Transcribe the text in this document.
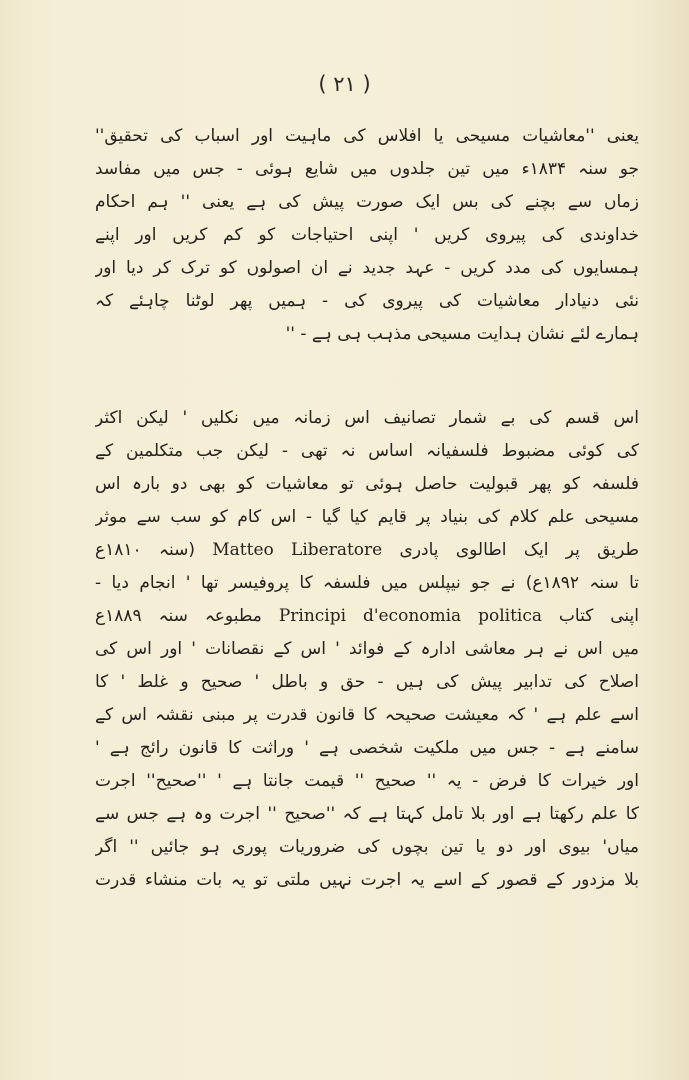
( ۲۱ )
یعنی ''معاشیات مسیحی یا افلاس کی ماہیت اور اسباب کی تحقیق''
جو سنہ ۱۸۳۴ء میں تین جلدوں میں شایع ہوئی - جس میں مفاسد
زماں سے بچنے کی بس ایک صورت پیش کی ہے یعنی '' ہم احکام
خداوندی کی پیروی کریں ' اپنی احتیاجات کو کم کریں اور اپنے
ہمسایوں کی مدد کریں - عہد جدید نے ان اصولوں کو ترک کر دیا اور
نئی دنیادار معاشیات کی پیروی کی - ہمیں پھر لوٹنا چاہئے کہ
ہمارے لئے نشان ہدایت مسیحی مذہب ہی ہے - ''
اس قسم کی بے شمار تصانیف اس زمانہ میں نکلیں ' لیکن اکثر
کی کوئی مضبوط فلسفیانہ اساس نہ تھی - لیکن جب متکلمین کے
فلسفہ کو پھر قبولیت حاصل ہوئی تو معاشیات کو بھی دو بارہ اس
مسیحی علم کلام کی بنیاد پر قایم کیا گیا - اس کام کو سب سے موثر
طریق پر ایک اطالوی پادری Matteo Liberatore (سنہ ۱۸۱۰ع
تا سنہ ۱۸۹۲ع) نے جو نیپلس میں فلسفہ کا پروفیسر تھا ' انجام دیا -
اپنی کتاب Principi d'economia politica مطبوعہ سنہ ۱۸۸۹ع
میں اس نے ہر معاشی ادارہ کے فوائد ' اس کے نقصانات ' اور اس کی
اصلاح کی تدابیر پیش کی ہیں - حق و باطل ' صحیح و غلط ' کا
اسے علم ہے ' کہ معیشت صحیحہ کا قانون قدرت پر مبنی نقشہ اس کے
سامنے ہے - جس میں ملکیت شخصی ہے ' وراثت کا قانون رائج ہے '
اور خیرات کا فرض - یہ '' صحیح '' قیمت جانتا ہے ' ''صحیح'' اجرت
کا علم رکھتا ہے اور بلا تامل کہتا ہے کہ ''صحیح '' اجرت وہ ہے جس سے
میاں' بیوی اور دو یا تین بچوں کی ضروریات پوری ہو جائیں '' اگر
بلا مزدور کے قصور کے اسے یہ اجرت نہیں ملتی تو یہ بات منشاء قدرت
